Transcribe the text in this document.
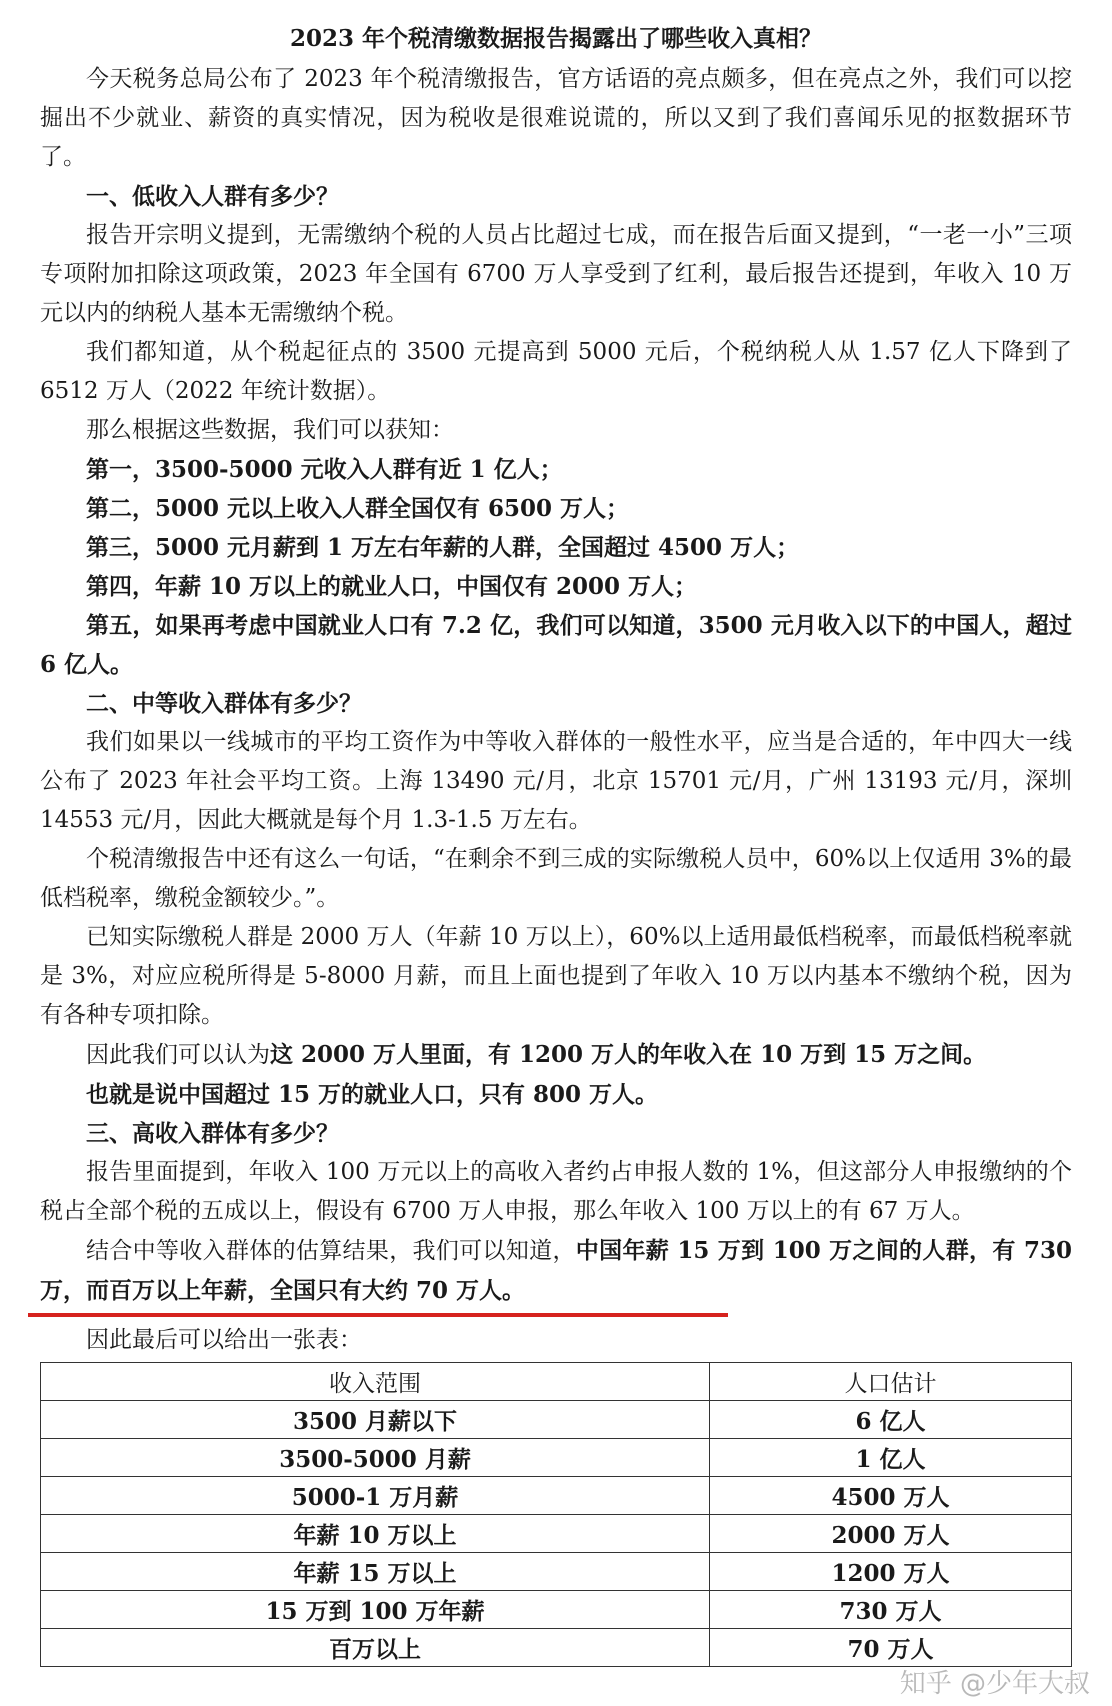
2023 年个税清缴数据报告揭露出了哪些收入真相？

今天税务总局公布了 2023 年个税清缴报告，官方话语的亮点颇多，但在亮点之外，我们可以挖掘出不少就业、薪资的真实情况，因为税收是很难说谎的，所以又到了我们喜闻乐见的抠数据环节了。

一、低收入人群有多少？

报告开宗明义提到，无需缴纳个税的人员占比超过七成，而在报告后面又提到，“一老一小”三项专项附加扣除这项政策，2023 年全国有 6700 万人享受到了红利，最后报告还提到，年收入 10 万元以内的纳税人基本无需缴纳个税。

我们都知道，从个税起征点的 3500 元提高到 5000 元后，个税纳税人从 1.57 亿人下降到了 6512 万人（2022 年统计数据）。

那么根据这些数据，我们可以获知：

第一，3500-5000 元收入人群有近 1 亿人；

第二，5000 元以上收入人群全国仅有 6500 万人；

第三，5000 元月薪到 1 万左右年薪的人群，全国超过 4500 万人；

第四，年薪 10 万以上的就业人口，中国仅有 2000 万人；

第五，如果再考虑中国就业人口有 7.2 亿，我们可以知道，3500 元月收入以下的中国人，超过 6 亿人。

二、中等收入群体有多少？

我们如果以一线城市的平均工资作为中等收入群体的一般性水平，应当是合适的，年中四大一线公布了 2023 年社会平均工资。上海 13490 元/月，北京 15701 元/月，广州 13193 元/月，深圳 14553 元/月，因此大概就是每个月 1.3-1.5 万左右。

个税清缴报告中还有这么一句话，“在剩余不到三成的实际缴税人员中，60%以上仅适用 3%的最低档税率，缴税金额较少。”。

已知实际缴税人群是 2000 万人（年薪 10 万以上），60%以上适用最低档税率，而最低档税率就是 3%，对应应税所得是 5-8000 月薪，而且上面也提到了年收入 10 万以内基本不缴纳个税，因为有各种专项扣除。

因此我们可以认为这 2000 万人里面，有 1200 万人的年收入在 10 万到 15 万之间。

也就是说中国超过 15 万的就业人口，只有 800 万人。

三、高收入群体有多少？

报告里面提到，年收入 100 万元以上的高收入者约占申报人数的 1%，但这部分人申报缴纳的个税占全部个税的五成以上，假设有 6700 万人申报，那么年收入 100 万以上的有 67 万人。

结合中等收入群体的估算结果，我们可以知道，中国年薪 15 万到 100 万之间的人群，有 730 万，而百万以上年薪，全国只有大约 70 万人。

因此最后可以给出一张表：

收入范围	人口估计
3500 月薪以下	6 亿人
3500-5000 月薪	1 亿人
5000-1 万月薪	4500 万人
年薪 10 万以上	2000 万人
年薪 15 万以上	1200 万人
15 万到 100 万年薪	730 万人
百万以上	70 万人
知乎 @少年大叔
